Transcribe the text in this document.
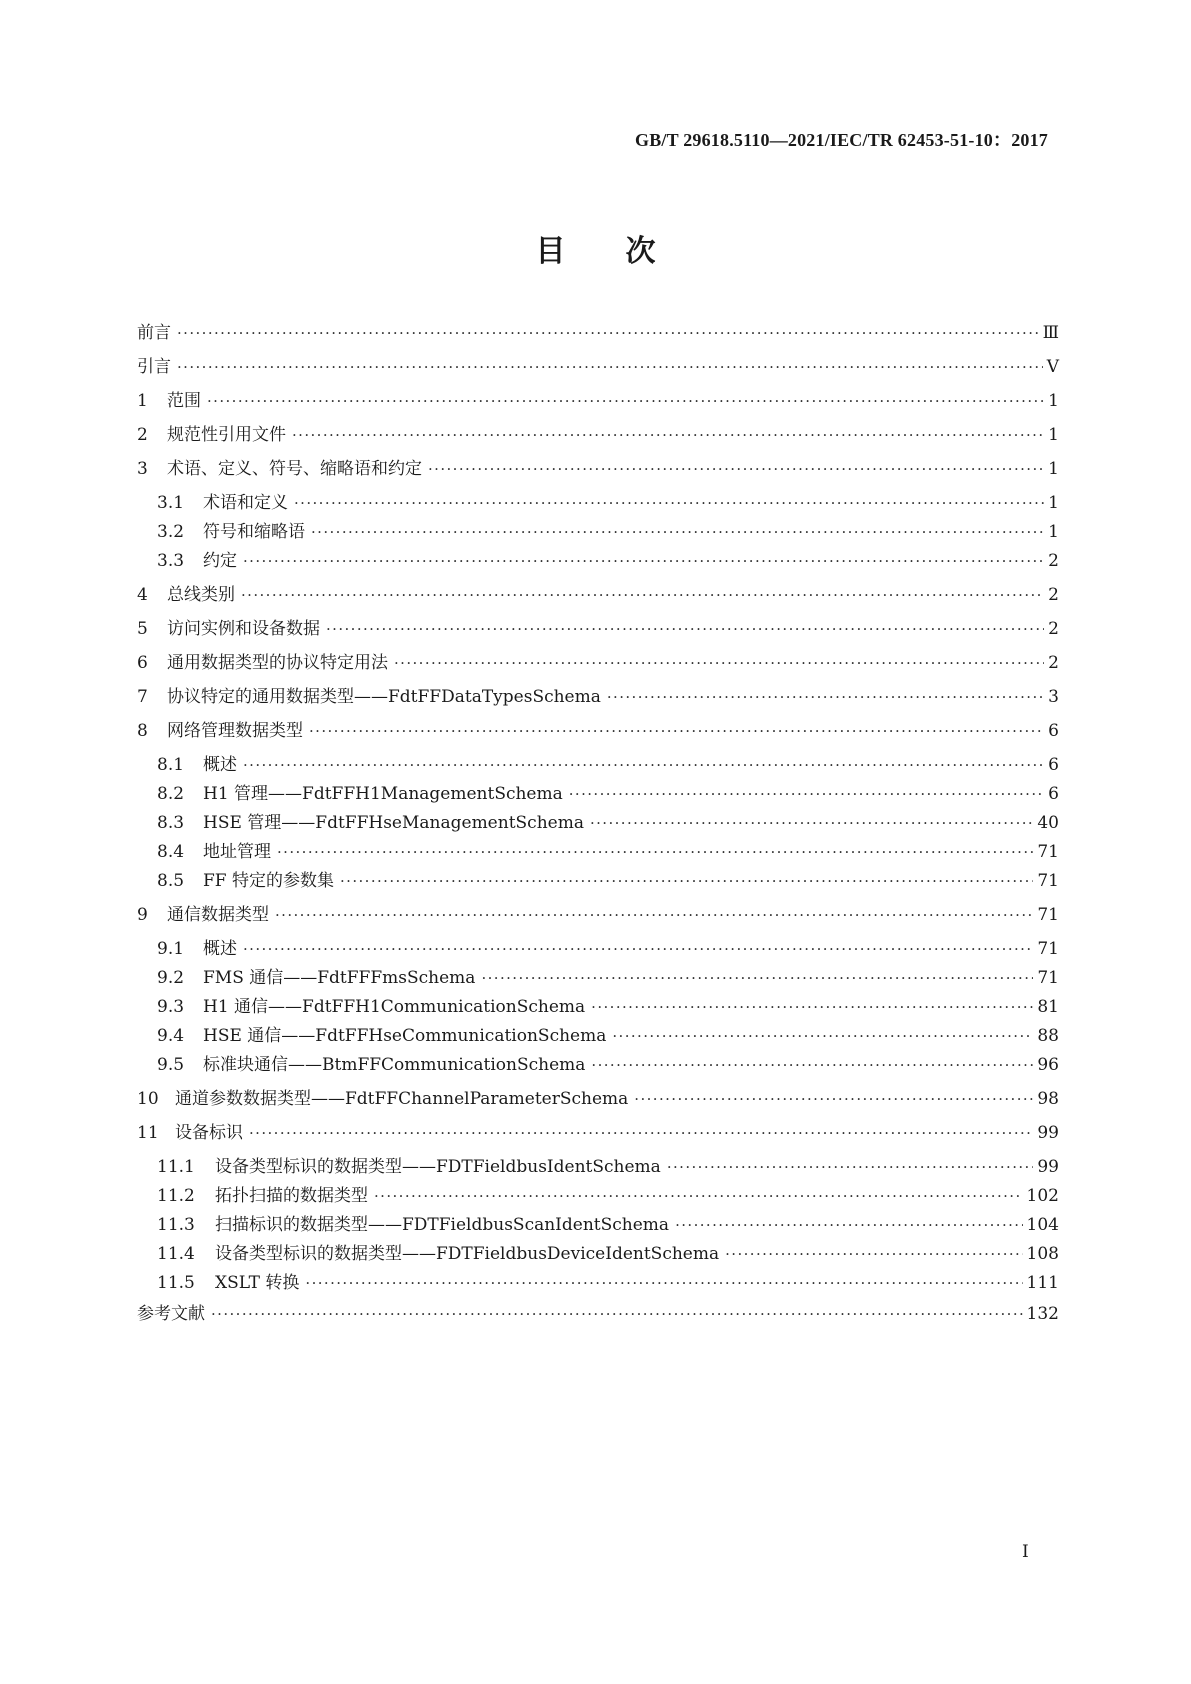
GB/T 29618.5110—2021/IEC/TR 62453-51-10：2017
目次
前言 ·····	Ⅲ
引言 ·····	Ⅴ
1	范围 ·····	1
2	规范性引用文件 ·····	1
3	术语、定义、符号、缩略语和约定 ·····	1
3.1	术语和定义 ·····	1
3.2	符号和缩略语 ·····	1
3.3	约定 ·····	2
4	总线类别 ·····	2
5	访问实例和设备数据 ·····	2
6	通用数据类型的协议特定用法 ·····	2
7	协议特定的通用数据类型——FdtFFDataTypesSchema ·····	3
8	网络管理数据类型 ·····	6
8.1	概述 ·····	6
8.2	H1 管理——FdtFFH1ManagementSchema ·····	6
8.3	HSE 管理——FdtFFHseManagementSchema ·····	40
8.4	地址管理 ·····	71
8.5	FF 特定的参数集 ·····	71
9	通信数据类型 ·····	71
9.1	概述 ·····	71
9.2	FMS 通信——FdtFFFmsSchema ·····	71
9.3	H1 通信——FdtFFH1CommunicationSchema ·····	81
9.4	HSE 通信——FdtFFHseCommunicationSchema ·····	88
9.5	标准块通信——BtmFFCommunicationSchema ·····	96
10 通道参数数据类型——FdtFFChannelParameterSchema ·····	98
11 设备标识 ·····	99
11.1	设备类型标识的数据类型——FDTFieldbusIdentSchema ·····	99
11.2	拓扑扫描的数据类型 ·····	102
11.3	扫描标识的数据类型——FDTFieldbusScanIdentSchema ·····	104
11.4	设备类型标识的数据类型——FDTFieldbusDeviceIdentSchema ·····	108
11.5	XSLT 转换 ·····	111
参考文献 ·····	132
Ⅰ
